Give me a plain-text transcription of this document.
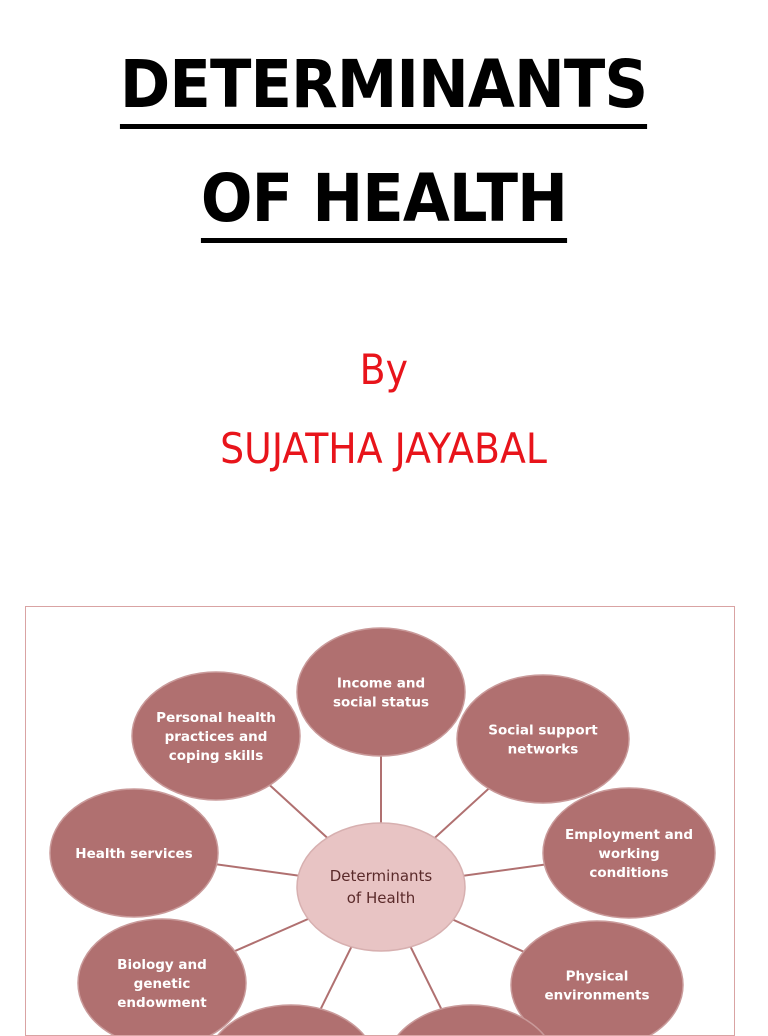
DETERMINANTS
OF HEALTH
By
SUJATHA JAYABAL
Income and
social status
Social support
networks
Employment and
working
conditions
Physical
environments
Biology and
genetic
endowment
Health services
Personal health
practices and
coping skills
Determinants
of Health
